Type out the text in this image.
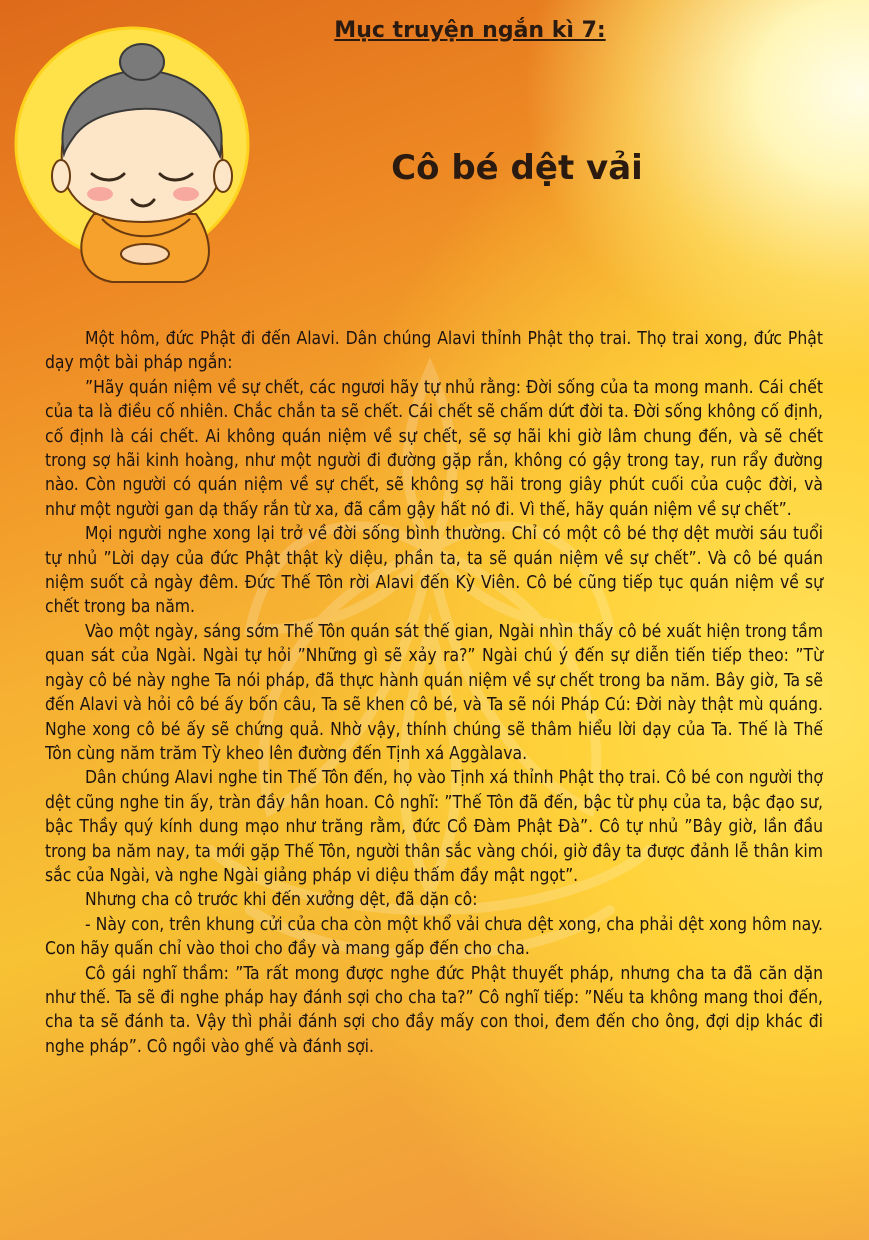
Mục truyện ngắn kì 7:
Cô bé dệt vải

Một hôm, đức Phật đi đến Alavi. Dân chúng Alavi thỉnh Phật thọ trai. Thọ trai xong, đức Phật dạy một bài pháp ngắn:

”Hãy quán niệm về sự chết, các ngươi hãy tự nhủ rằng: Đời sống của ta mong manh. Cái chết của ta là điều cố nhiên. Chắc chắn ta sẽ chết. Cái chết sẽ chấm dứt đời ta. Đời sống không cố định, cố định là cái chết. Ai không quán niệm về sự chết, sẽ sợ hãi khi giờ lâm chung đến, và sẽ chết trong sợ hãi kinh hoàng, như một người đi đường gặp rắn, không có gậy trong tay, run rẩy đường nào. Còn người có quán niệm về sự chết, sẽ không sợ hãi trong giây phút cuối của cuộc đời, và như một người gan dạ thấy rắn từ xa, đã cầm gậy hất nó đi. Vì thế, hãy quán niệm về sự chết”.

Mọi người nghe xong lại trở về đời sống bình thường. Chỉ có một cô bé thợ dệt mười sáu tuổi tự nhủ ”Lời dạy của đức Phật thật kỳ diệu, phần ta, ta sẽ quán niệm về sự chết”. Và cô bé quán niệm suốt cả ngày đêm. Đức Thế Tôn rời Alavi đến Kỳ Viên. Cô bé cũng tiếp tục quán niệm về sự chết trong ba năm.

Vào một ngày, sáng sớm Thế Tôn quán sát thế gian, Ngài nhìn thấy cô bé xuất hiện trong tầm quan sát của Ngài. Ngài tự hỏi ”Những gì sẽ xảy ra?” Ngài chú ý đến sự diễn tiến tiếp theo: ”Từ ngày cô bé này nghe Ta nói pháp, đã thực hành quán niệm về sự chết trong ba năm. Bây giờ, Ta sẽ đến Alavi và hỏi cô bé ấy bốn câu, Ta sẽ khen cô bé, và Ta sẽ nói Pháp Cú: Đời này thật mù quáng. Nghe xong cô bé ấy sẽ chứng quả. Nhờ vậy, thính chúng sẽ thâm hiểu lời dạy của Ta. Thế là Thế Tôn cùng năm trăm Tỳ kheo lên đường đến Tịnh xá Aggàlava.

Dân chúng Alavi nghe tin Thế Tôn đến, họ vào Tịnh xá thỉnh Phật thọ trai. Cô bé con người thợ dệt cũng nghe tin ấy, tràn đầy hân hoan. Cô nghĩ: ”Thế Tôn đã đến, bậc từ phụ của ta, bậc đạo sư, bậc Thầy quý kính dung mạo như trăng rằm, đức Cồ Đàm Phật Đà”. Cô tự nhủ ”Bây giờ, lần đầu trong ba năm nay, ta mới gặp Thế Tôn, người thân sắc vàng chói, giờ đây ta được đảnh lễ thân kim sắc của Ngài, và nghe Ngài giảng pháp vi diệu thấm đầy mật ngọt”.

Nhưng cha cô trước khi đến xưởng dệt, đã dặn cô:

- Này con, trên khung cửi của cha còn một khổ vải chưa dệt xong, cha phải dệt xong hôm nay. Con hãy quấn chỉ vào thoi cho đầy và mang gấp đến cho cha.

Cô gái nghĩ thầm: ”Ta rất mong được nghe đức Phật thuyết pháp, nhưng cha ta đã căn dặn như thế. Ta sẽ đi nghe pháp hay đánh sợi cho cha ta?” Cô nghĩ tiếp: ”Nếu ta không mang thoi đến, cha ta sẽ đánh ta. Vậy thì phải đánh sợi cho đầy mấy con thoi, đem đến cho ông, đợi dịp khác đi nghe pháp”. Cô ngồi vào ghế và đánh sợi.
